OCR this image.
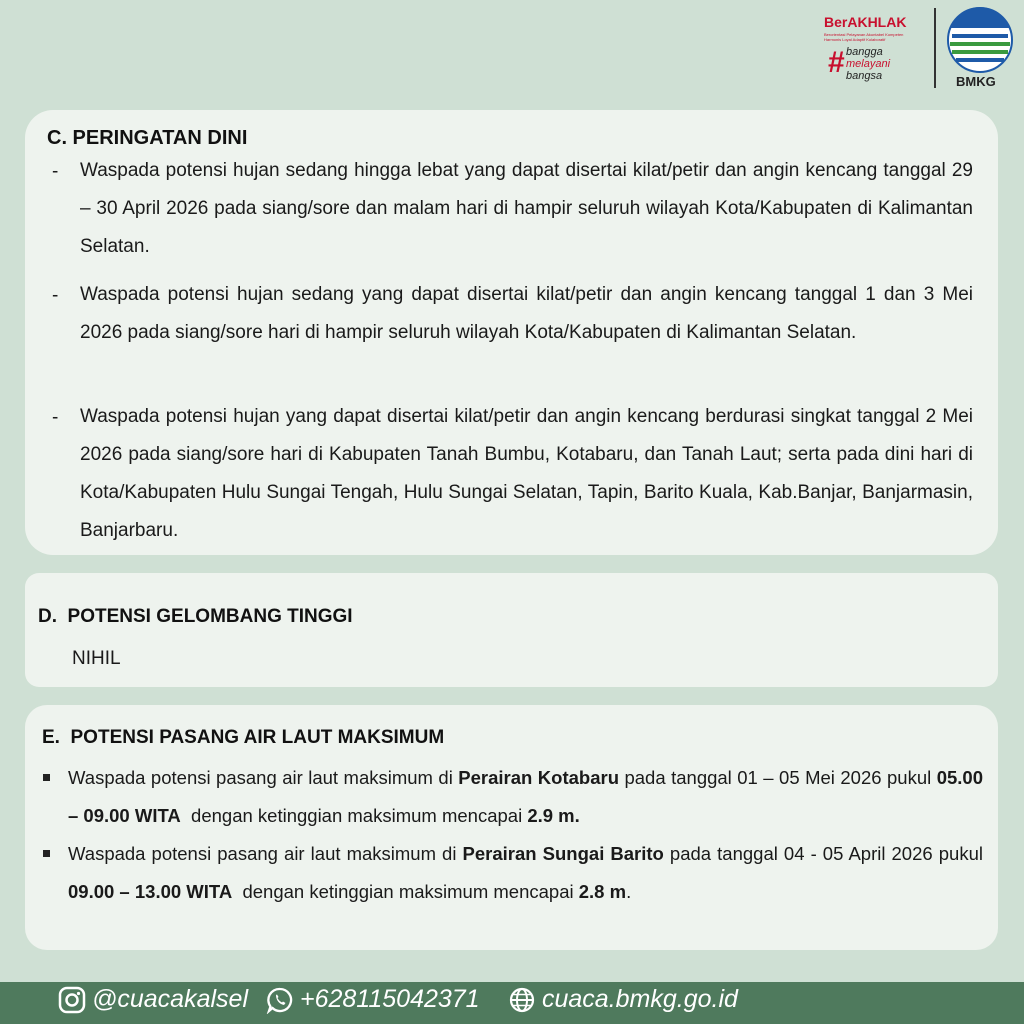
BerAKHLAK
Berorientasi Pelayanan Akuntabel Kompeten Harmonis Loyal Adaptif Kolaboratif
# bangga
melayani
bangsa	BMKG
C. PERINGATAN DINI
- Waspada potensi hujan sedang hingga lebat yang dapat disertai kilat/petir dan angin kencang tanggal 29 – 30 April 2026 pada siang/sore dan malam hari di hampir seluruh wilayah Kota/Kabupaten di Kalimantan Selatan.

- Waspada potensi hujan sedang yang dapat disertai kilat/petir dan angin kencang tanggal 1 dan 3 Mei 2026 pada siang/sore hari di hampir seluruh wilayah Kota/Kabupaten di Kalimantan Selatan.

- Waspada potensi hujan yang dapat disertai kilat/petir dan angin kencang berdurasi singkat tanggal 2 Mei 2026 pada siang/sore hari di Kabupaten Tanah Bumbu, Kotabaru, dan Tanah Laut; serta pada dini hari di Kota/Kabupaten Hulu Sungai Tengah, Hulu Sungai Selatan, Tapin, Barito Kuala, Kab.Banjar, Banjarmasin, Banjarbaru.

D.  POTENSI GELOMBANG TINGGI
NIHIL
E.  POTENSI PASANG AIR LAUT MAKSIMUM

Waspada potensi pasang air laut maksimum di Perairan Kotabaru pada tanggal 01 – 05 Mei 2026 pukul 05.00 – 09.00 WITA  dengan ketinggian maksimum mencapai 2.9 m.

Waspada potensi pasang air laut maksimum di Perairan Sungai Barito pada tanggal 04 - 05 April 2026 pukul 09.00 – 13.00 WITA  dengan ketinggian maksimum mencapai 2.8 m.

@cuacakalsel +628115042371 cuaca.bmkg.go.id
